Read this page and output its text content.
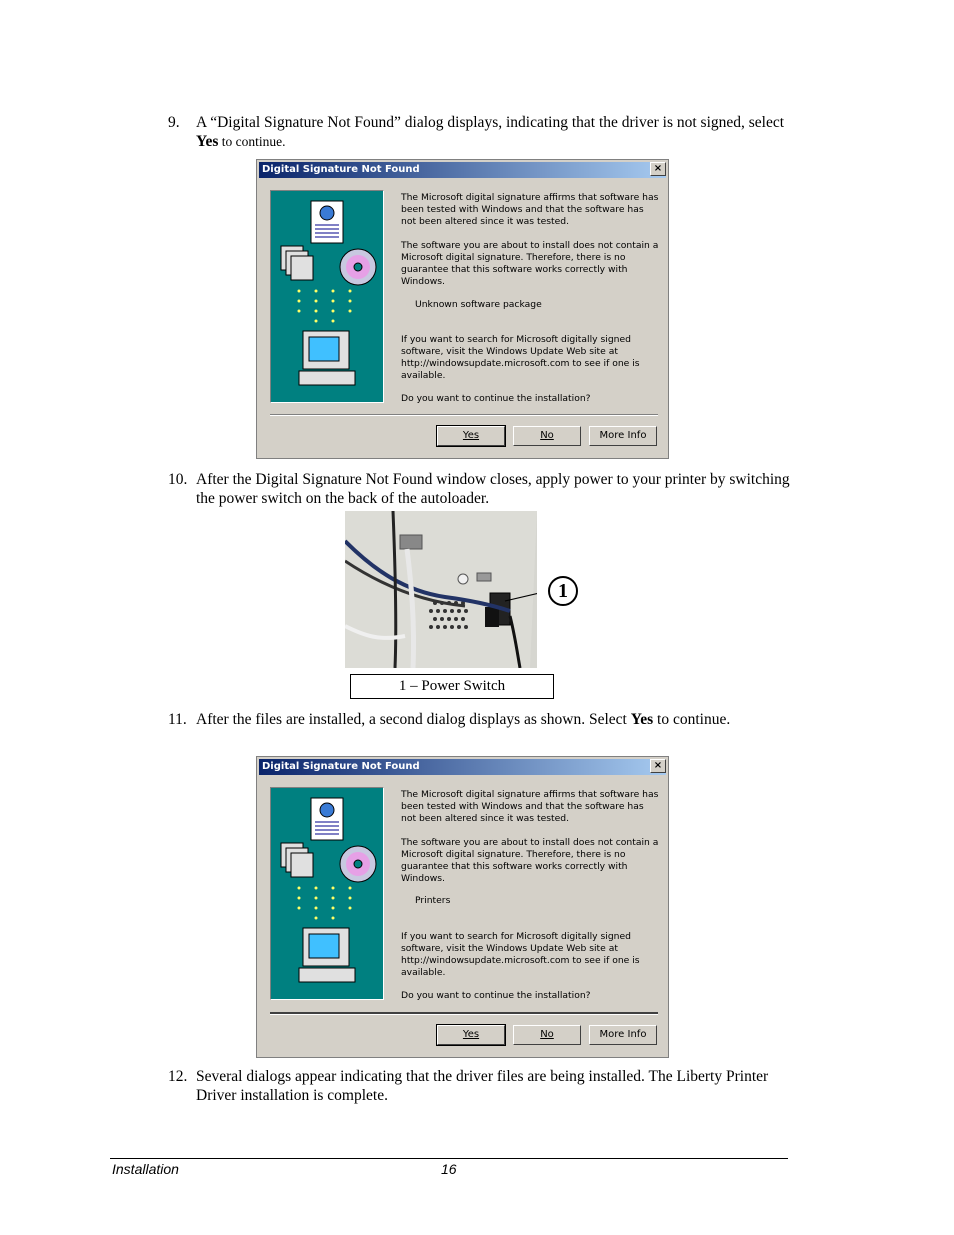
9. A “Digital Signature Not Found” dialog displays, indicating that the driver is not signed, select Yes to continue.
Digital Signature Not Found	×
The Microsoft digital signature affirms that software has been tested with Windows and that the software has not been altered since it was tested.
The software you are about to install does not contain a Microsoft digital signature. Therefore, there is no guarantee that this software works correctly with Windows.
Unknown software package
If you want to search for Microsoft digitally signed software, visit the Windows Update Web site at http://windowsupdate.microsoft.com to see if one is available.
Do you want to continue the installation?
Yes	No	More Info
10. After the Digital Signature Not Found window closes, apply power to your printer by switching the power switch on the back of the autoloader.
1
1 – Power Switch
11. After the files are installed, a second dialog displays as shown. Select Yes to continue.
Digital Signature Not Found	×
The Microsoft digital signature affirms that software has been tested with Windows and that the software has not been altered since it was tested.
The software you are about to install does not contain a Microsoft digital signature. Therefore, there is no guarantee that this software works correctly with Windows.
Printers
If you want to search for Microsoft digitally signed software, visit the Windows Update Web site at http://windowsupdate.microsoft.com to see if one is available.
Do you want to continue the installation?
Yes	No	More Info
12. Several dialogs appear indicating that the driver files are being installed. The Liberty Printer Driver installation is complete.
Installation	16
